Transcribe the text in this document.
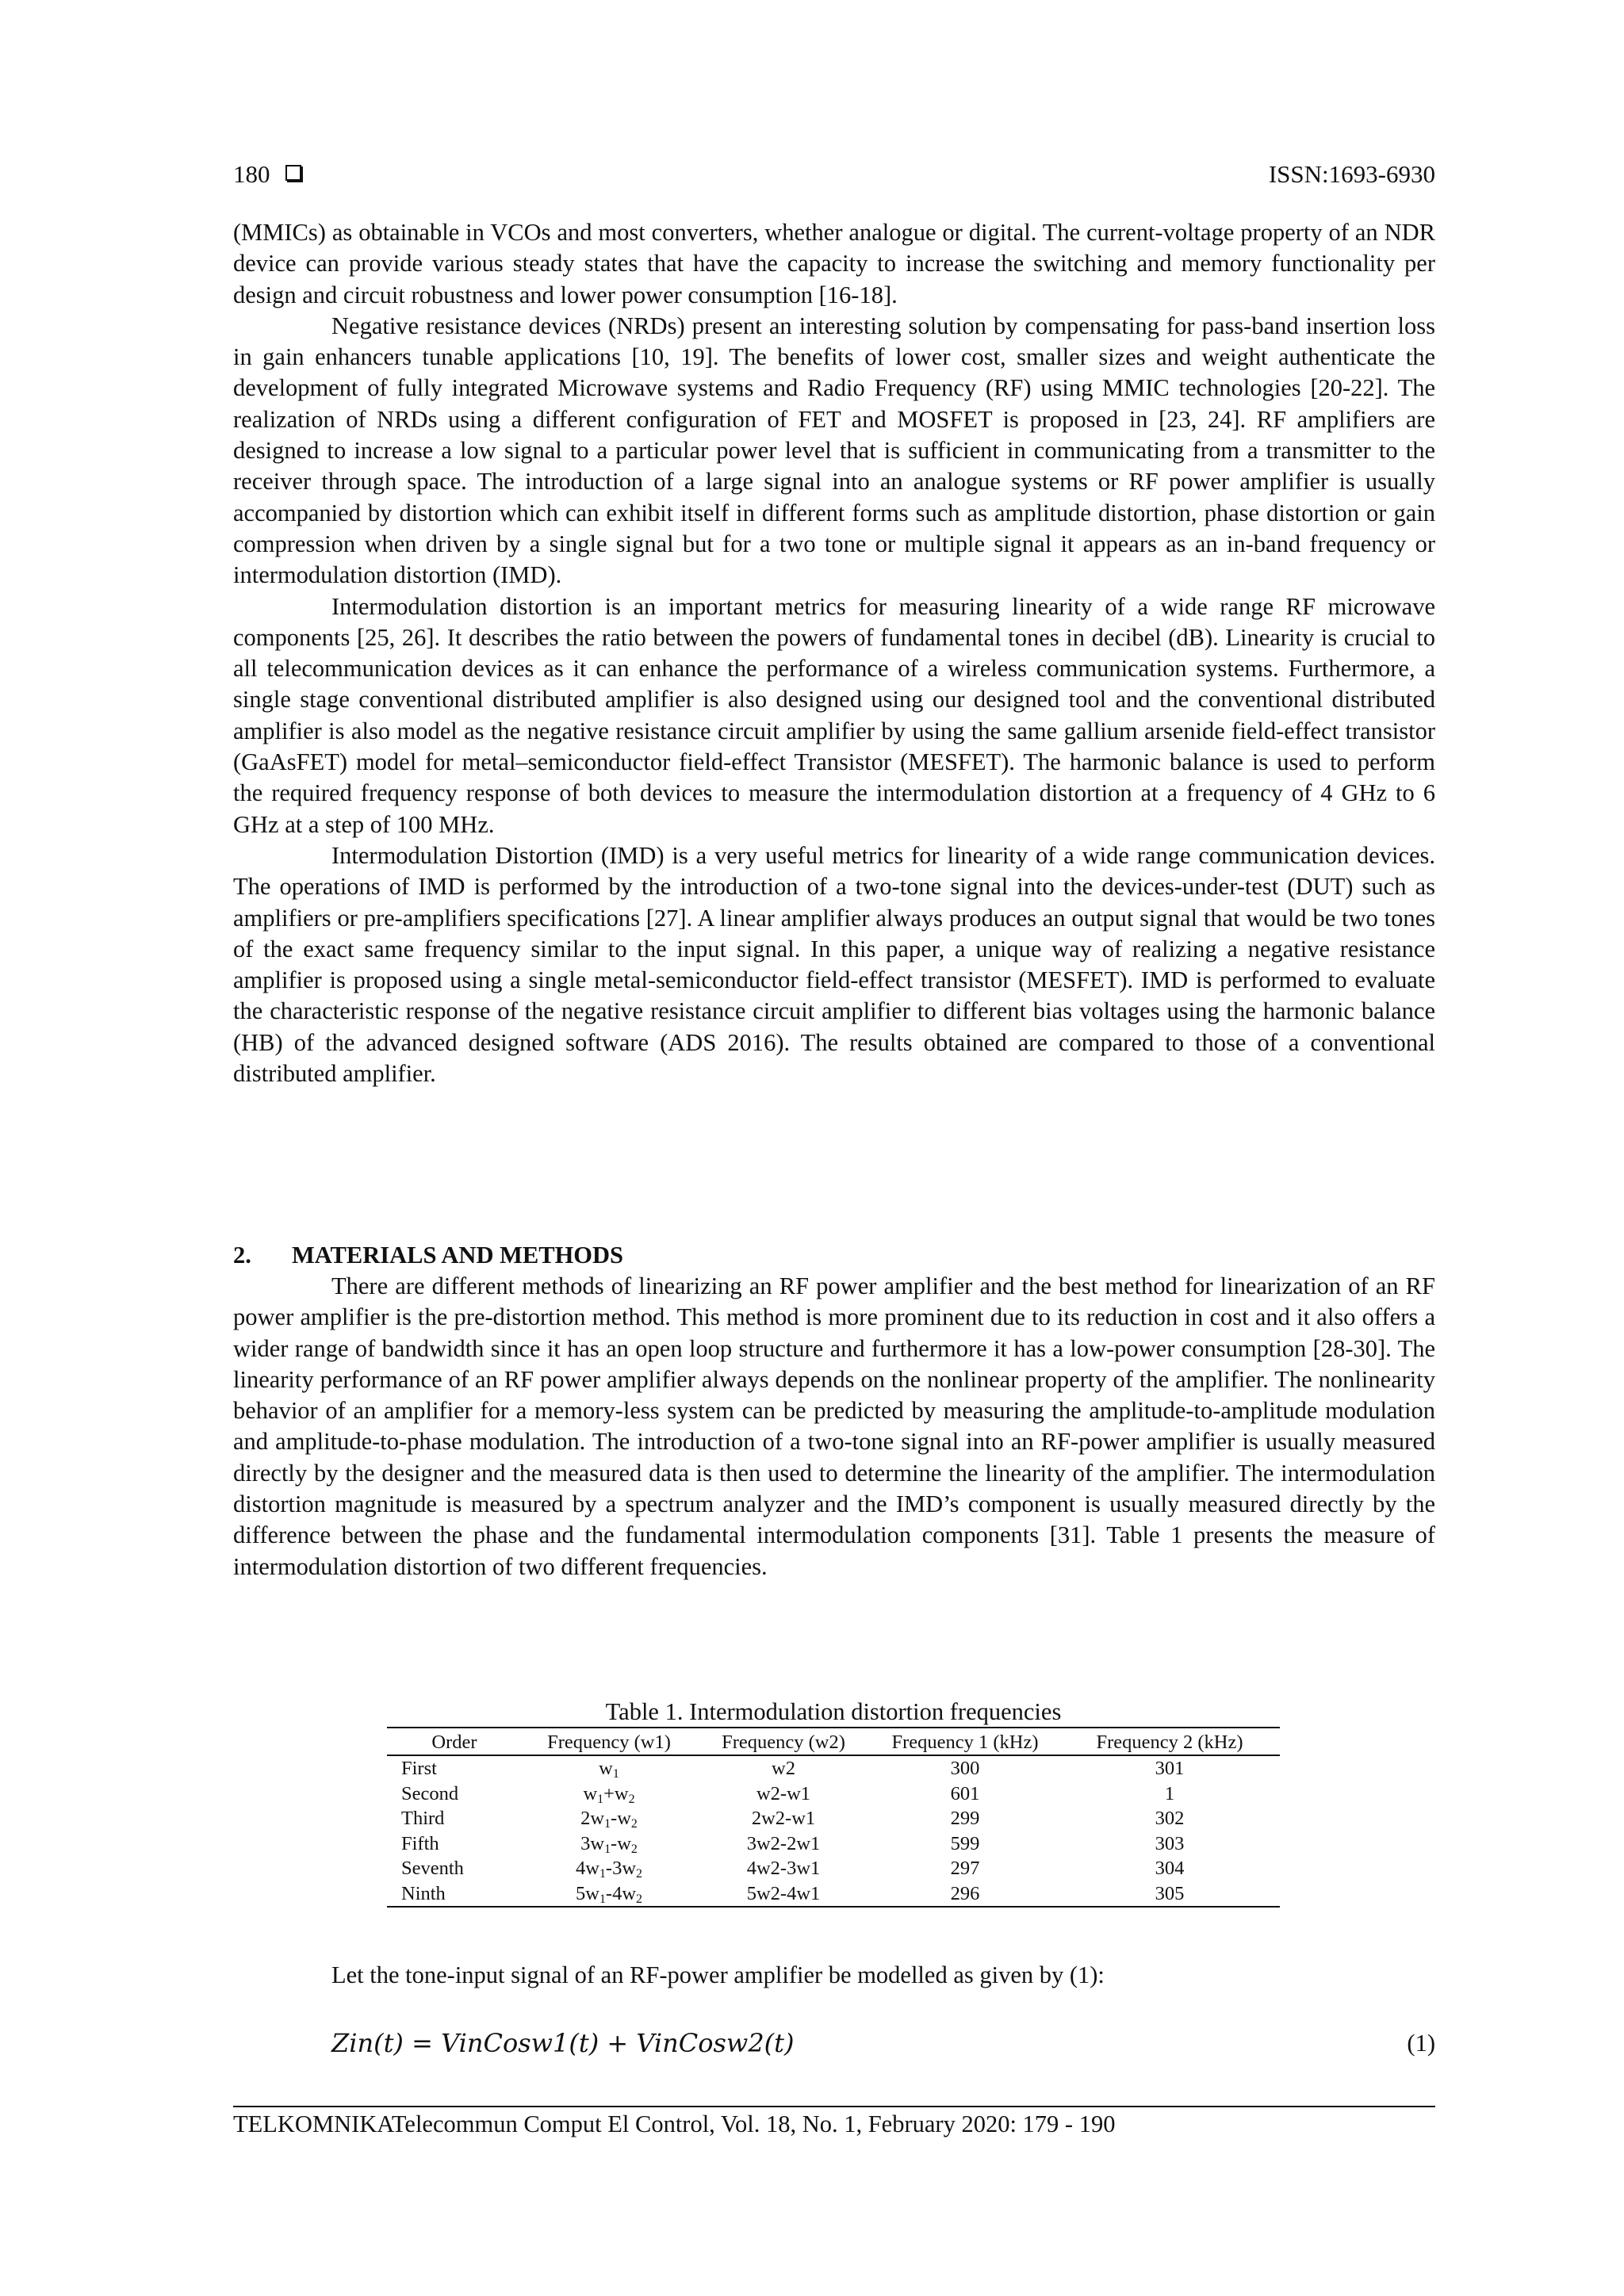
180	ISSN:1693-6930

(MMICs) as obtainable in VCOs and most converters, whether analogue or digital. The current-voltage property of an NDR device can provide various steady states that have the capacity to increase the switching and memory functionality per design and circuit robustness and lower power consumption [16-18].

Negative resistance devices (NRDs) present an interesting solution by compensating for pass-band insertion loss in gain enhancers tunable applications [10, 19]. The benefits of lower cost, smaller sizes and weight authenticate the development of fully integrated Microwave systems and Radio Frequency (RF) using MMIC technologies [20-22]. The realization of NRDs using a different configuration of FET and MOSFET is proposed in [23, 24]. RF amplifiers are designed to increase a low signal to a particular power level that is sufficient in communicating from a transmitter to the receiver through space. The introduction of a large signal into an analogue systems or RF power amplifier is usually accompanied by distortion which can exhibit itself in different forms such as amplitude distortion, phase distortion or gain compression when driven by a single signal but for a two tone or multiple signal it appears as an in-band frequency or intermodulation distortion (IMD).

Intermodulation distortion is an important metrics for measuring linearity of a wide range RF microwave components [25, 26]. It describes the ratio between the powers of fundamental tones in decibel (dB). Linearity is crucial to all telecommunication devices as it can enhance the performance of a wireless communication systems. Furthermore, a single stage conventional distributed amplifier is also designed using our designed tool and the conventional distributed amplifier is also model as the negative resistance circuit amplifier by using the same gallium arsenide field-effect transistor (GaAsFET) model for metal–semiconductor field-effect Transistor (MESFET). The harmonic balance is used to perform the required frequency response of both devices to measure the intermodulation distortion at a frequency of 4 GHz to 6 GHz at a step of 100 MHz.

Intermodulation Distortion (IMD) is a very useful metrics for linearity of a wide range communication devices. The operations of IMD is performed by the introduction of a two-tone signal into the devices-under-test (DUT) such as amplifiers or pre-amplifiers specifications [27]. A linear amplifier always produces an output signal that would be two tones of the exact same frequency similar to the input signal. In this paper, a unique way of realizing a negative resistance amplifier is proposed using a single metal-semiconductor field-effect transistor (MESFET). IMD is performed to evaluate the characteristic response of the negative resistance circuit amplifier to different bias voltages using the harmonic balance (HB) of the advanced designed software (ADS 2016). The results obtained are compared to those of a conventional distributed amplifier.

2. MATERIALS AND METHODS

There are different methods of linearizing an RF power amplifier and the best method for linearization of an RF power amplifier is the pre-distortion method. This method is more prominent due to its reduction in cost and it also offers a wider range of bandwidth since it has an open loop structure and furthermore it has a low-power consumption [28-30]. The linearity performance of an RF power amplifier always depends on the nonlinear property of the amplifier. The nonlinearity behavior of an amplifier for a memory-less system can be predicted by measuring the amplitude-to-amplitude modulation and amplitude-to-phase modulation. The introduction of a two-tone signal into an RF-power amplifier is usually measured directly by the designer and the measured data is then used to determine the linearity of the amplifier. The intermodulation distortion magnitude is measured by a spectrum analyzer and the IMD’s component is usually measured directly by the difference between the phase and the fundamental intermodulation components [31]. Table 1 presents the measure of intermodulation distortion of two different frequencies.

Table 1. Intermodulation distortion frequencies
Order	Frequency (w1)	Frequency (w2)	Frequency 1 (kHz)	Frequency 2 (kHz)
First	$w_1$	w2	300	301
Second	$w_1+w_2$	w2-w1	601	1
Third	$2w_1-w_2$	2w2-w1	299	302
Fifth	$3w_1-w_2$	3w2-2w1	599	303
Seventh	$4w_1-3w_2$	4w2-3w1	297	304
Ninth	$5w_1-4w_2$	5w2-4w1	296	305
Let the tone-input signal of an RF-power amplifier be modelled as given by (1):
Zin(t) = VinCosw1(t) + VinCosw2(t)	(1)
TELKOMNIKATelecommun Comput El Control, Vol. 18, No. 1, February 2020: 179 - 190
